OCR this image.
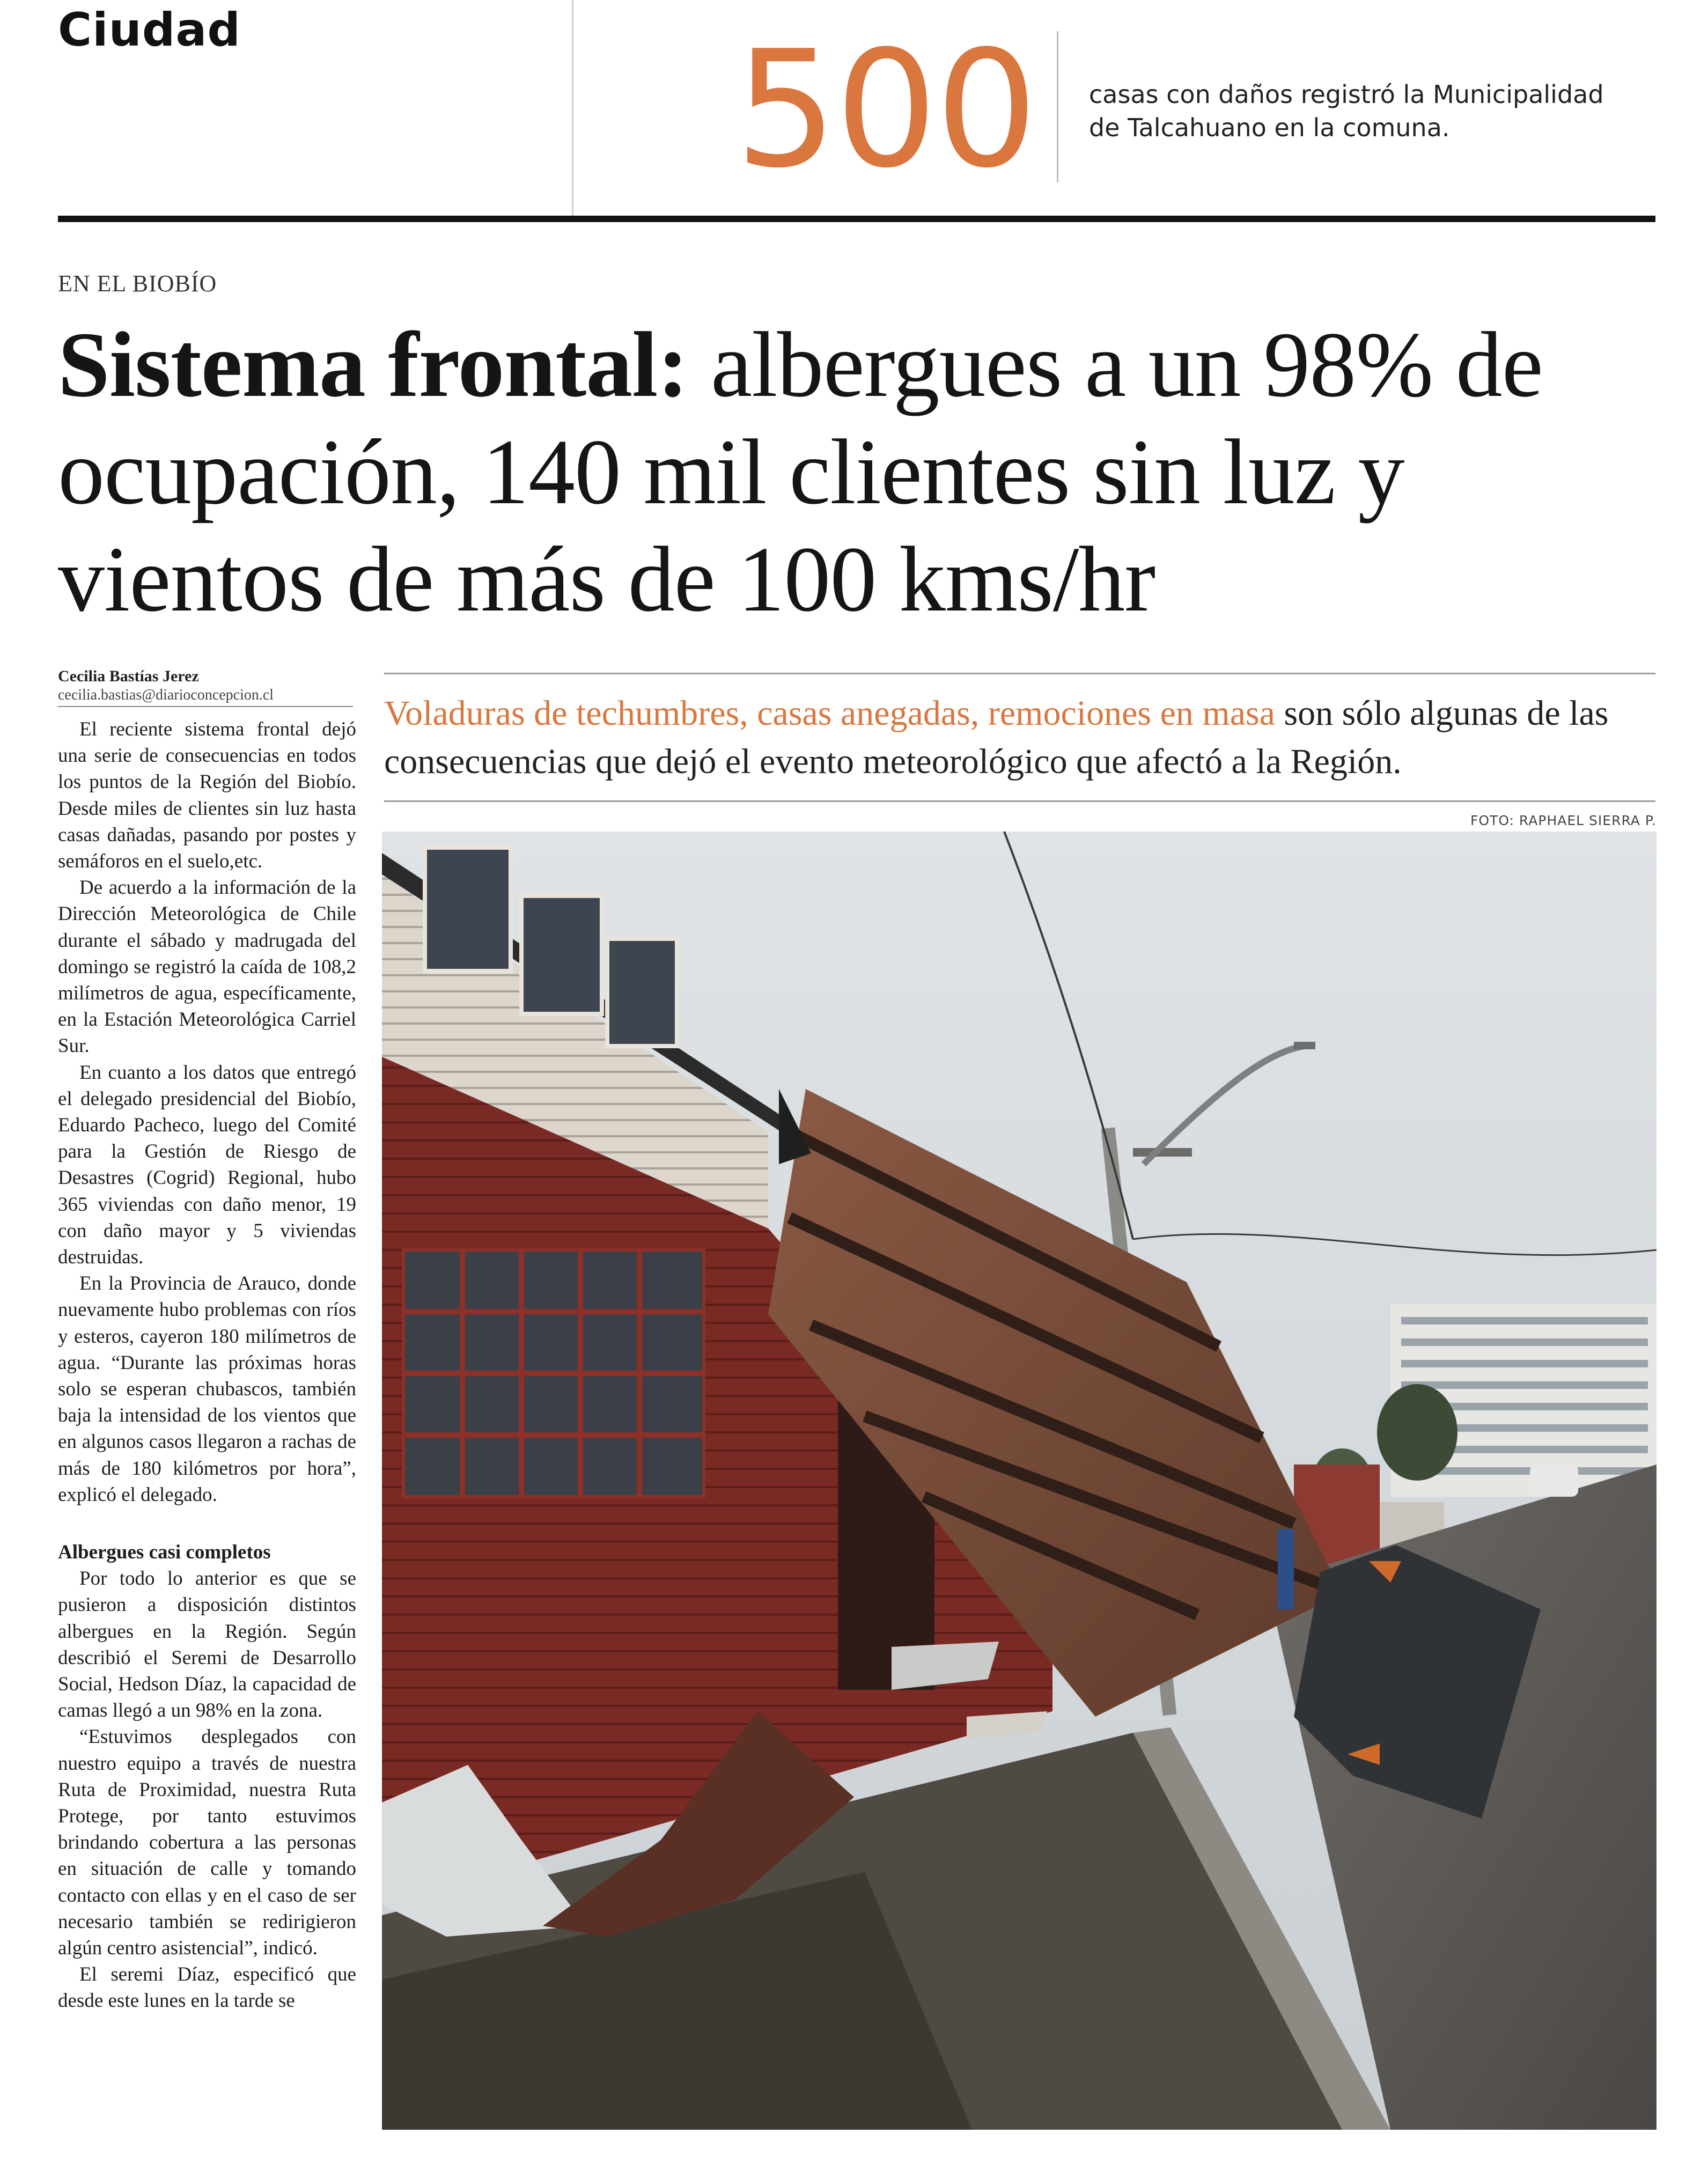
Ciudad	500 casas con daños registró la Municipalidad
de Talcahuano en la comuna.
EN EL BIOBÍO
Sistema frontal: albergues a un 98% de ocupación, 140 mil clientes sin luz y vientos de más de 100 kms/hr
Cecilia Bastías Jerez
cecilia.bastias@diarioconcepcion.cl

El reciente sistema frontal dejó una serie de consecuencias en todos los puntos de la Región del Biobío. Desde miles de clientes sin luz hasta casas dañadas, pasando por postes y semáforos en el suelo,etc.

De acuerdo a la información de la Dirección Meteorológica de Chile durante el sábado y madrugada del domingo se registró la caída de 108,2 milímetros de agua, específicamente, en la Estación Meteorológica Carriel Sur.

En cuanto a los datos que entregó el delegado presidencial del Biobío, Eduardo Pacheco, luego del Comité para la Gestión de Riesgo de Desastres (Cogrid) Regional, hubo 365 viviendas con daño menor, 19 con daño mayor y 5 viviendas destruidas.

En la Provincia de Arauco, donde nuevamente hubo problemas con ríos y esteros, cayeron 180 milímetros de agua. “Durante las próximas horas solo se esperan chubascos, también baja la intensidad de los vientos que en algunos casos llegaron a rachas de más de 180 kilómetros por hora”, explicó el delegado.

Albergues casi completos

Por todo lo anterior es que se pusieron a disposición distintos albergues en la Región. Según describió el Seremi de Desarrollo Social, Hedson Díaz, la capacidad de camas llegó a un 98% en la zona.

“Estuvimos desplegados con nuestro equipo a través de nuestra Ruta de Proximidad, nuestra Ruta Protege, por tanto estuvimos brindando cobertura a las personas en situación de calle y tomando contacto con ellas y en el caso de ser necesario también se redirigieron algún centro asistencial”, indicó.

El seremi Díaz, especificó que desde este lunes en la tarde se

Voladuras de techumbres, casas anegadas, remociones en masa son sólo algunas de las consecuencias que dejó el evento meteorológico que afectó a la Región.
FOTO: RAPHAEL SIERRA P.
